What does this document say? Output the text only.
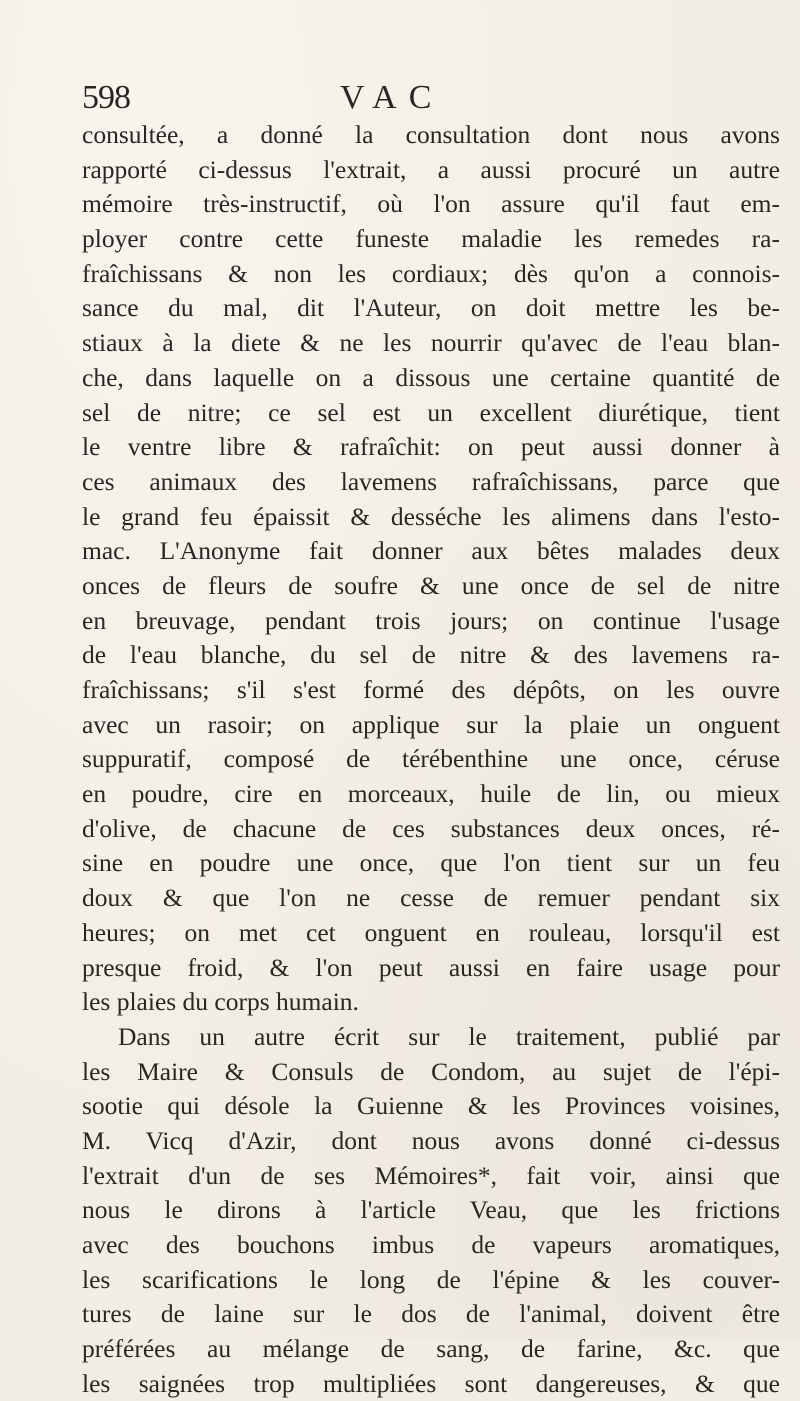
598	VAC
consultée, a donné la consultation dont nous avons
rapporté ci-dessus l'extrait, a aussi procuré un autre
mémoire très-instructif, où l'on assure qu'il faut em-
ployer contre cette funeste maladie les remedes ra-
fraîchissans & non les cordiaux; dès qu'on a connois-
sance du mal, dit l'Auteur, on doit mettre les be-
stiaux à la diete & ne les nourrir qu'avec de l'eau blan-
che, dans laquelle on a dissous une certaine quantité de
sel de nitre; ce sel est un excellent diurétique, tient
le ventre libre & rafraîchit: on peut aussi donner à
ces animaux des lavemens rafraîchissans, parce que
le grand feu épaissit & desséche les alimens dans l'esto-
mac. L'Anonyme fait donner aux bêtes malades deux
onces de fleurs de soufre & une once de sel de nitre
en breuvage, pendant trois jours; on continue l'usage
de l'eau blanche, du sel de nitre & des lavemens ra-
fraîchissans; s'il s'est formé des dépôts, on les ouvre
avec un rasoir; on applique sur la plaie un onguent
suppuratif, composé de térébenthine une once, cérusе
en poudre, cire en morceaux, huile de lin, ou mieux
d'olive, de chacune de ces substances deux onces, ré-
sine en poudre une once, que l'on tient sur un feu
doux & que l'on ne cesse de remuer pendant six
heures; on met cet onguent en rouleau, lorsqu'il est
presque froid, & l'on peut aussi en faire usage pour
les plaies du corps humain.
Dans un autre écrit sur le traitement, publié par
les Maire & Consuls de Condom, au sujet de l'épi-
sootie qui désole la Guienne & les Provinces voisines,
M. Vicq d'Azir, dont nous avons donné ci-dessus
l'extrait d'un de ses Mémoires*, fait voir, ainsi que
nous le dirons à l'article Veau, que les frictions
avec des bouchons imbus de vapeurs aromatiques,
les scarifications le long de l'épine & les couver-
tures de laine sur le dos de l'animal, doivent être
préférées au mélange de sang, de farine, &c. que
les saignées trop multipliées sont dangereuses, & que
